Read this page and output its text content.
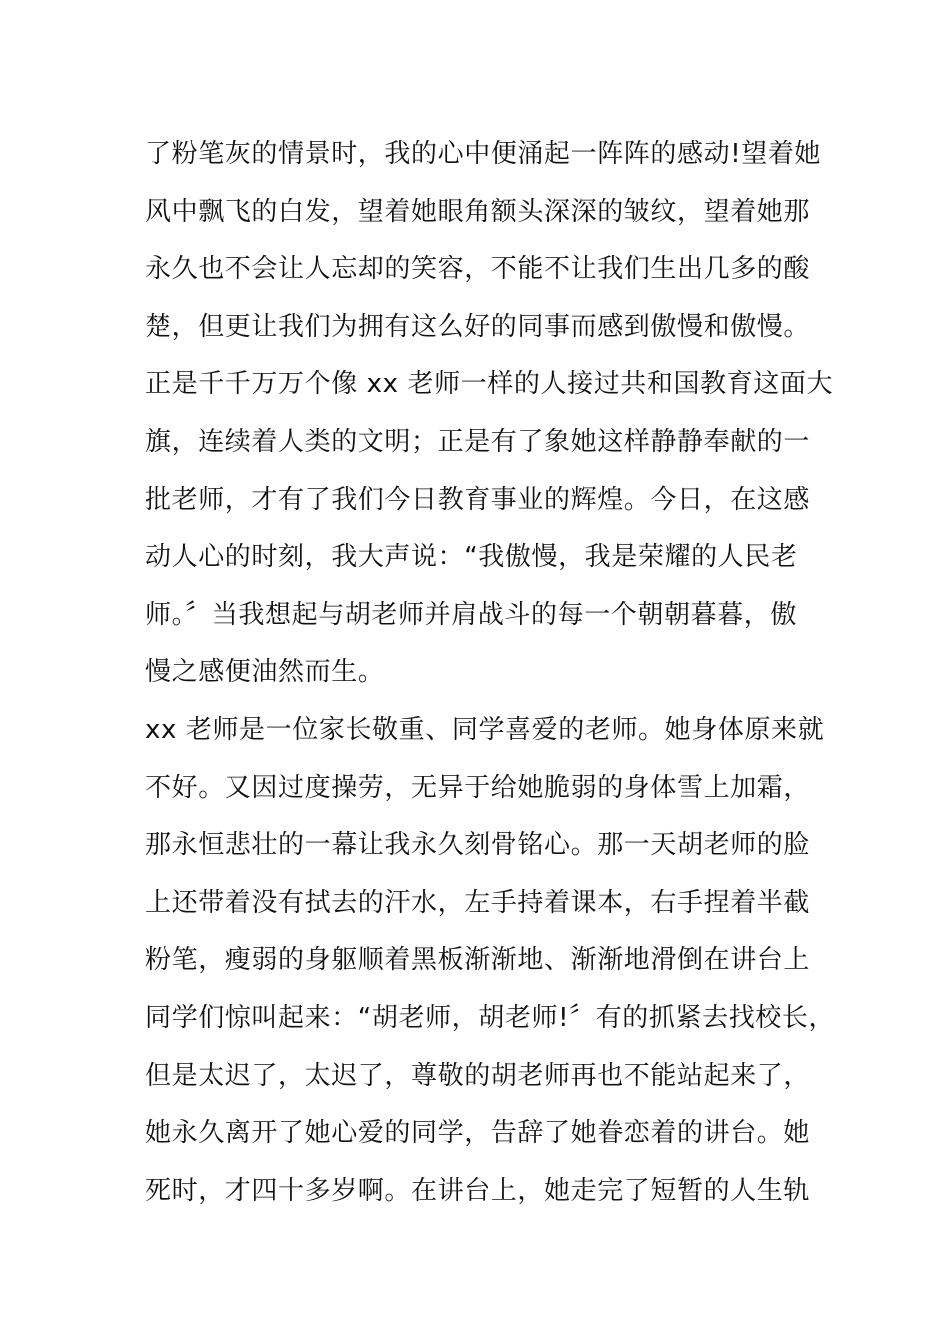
了粉笔灰的情景时，我的心中便涌起一阵阵的感动!望着她
风中飘飞的白发，望着她眼角额头深深的皱纹，望着她那
永久也不会让人忘却的笑容，不能不让我们生出几多的酸
楚，但更让我们为拥有这么好的同事而感到傲慢和傲慢。
正是千千万万个像 xx 老师一样的人接过共和国教育这面大
旗，连续着人类的文明；正是有了象她这样静静奉献的一
批老师，才有了我们今日教育事业的辉煌。今日，在这感
动人心的时刻，我大声说：“我傲慢，我是荣耀的人民老
师。〞当我想起与胡老师并肩战斗的每一个朝朝暮暮，傲
慢之感便油然而生。
xx 老师是一位家长敬重、同学喜爱的老师。她身体原来就
不好。又因过度操劳，无异于给她脆弱的身体雪上加霜，
那永恒悲壮的一幕让我永久刻骨铭心。那一天胡老师的脸
上还带着没有拭去的汗水，左手持着课本，右手捏着半截
粉笔，瘦弱的身躯顺着黑板渐渐地、渐渐地滑倒在讲台上
同学们惊叫起来：“胡老师，胡老师!〞有的抓紧去找校长，
但是太迟了，太迟了，尊敬的胡老师再也不能站起来了，
她永久离开了她心爱的同学，告辞了她眷恋着的讲台。她
死时，才四十多岁啊。在讲台上，她走完了短暂的人生轨
